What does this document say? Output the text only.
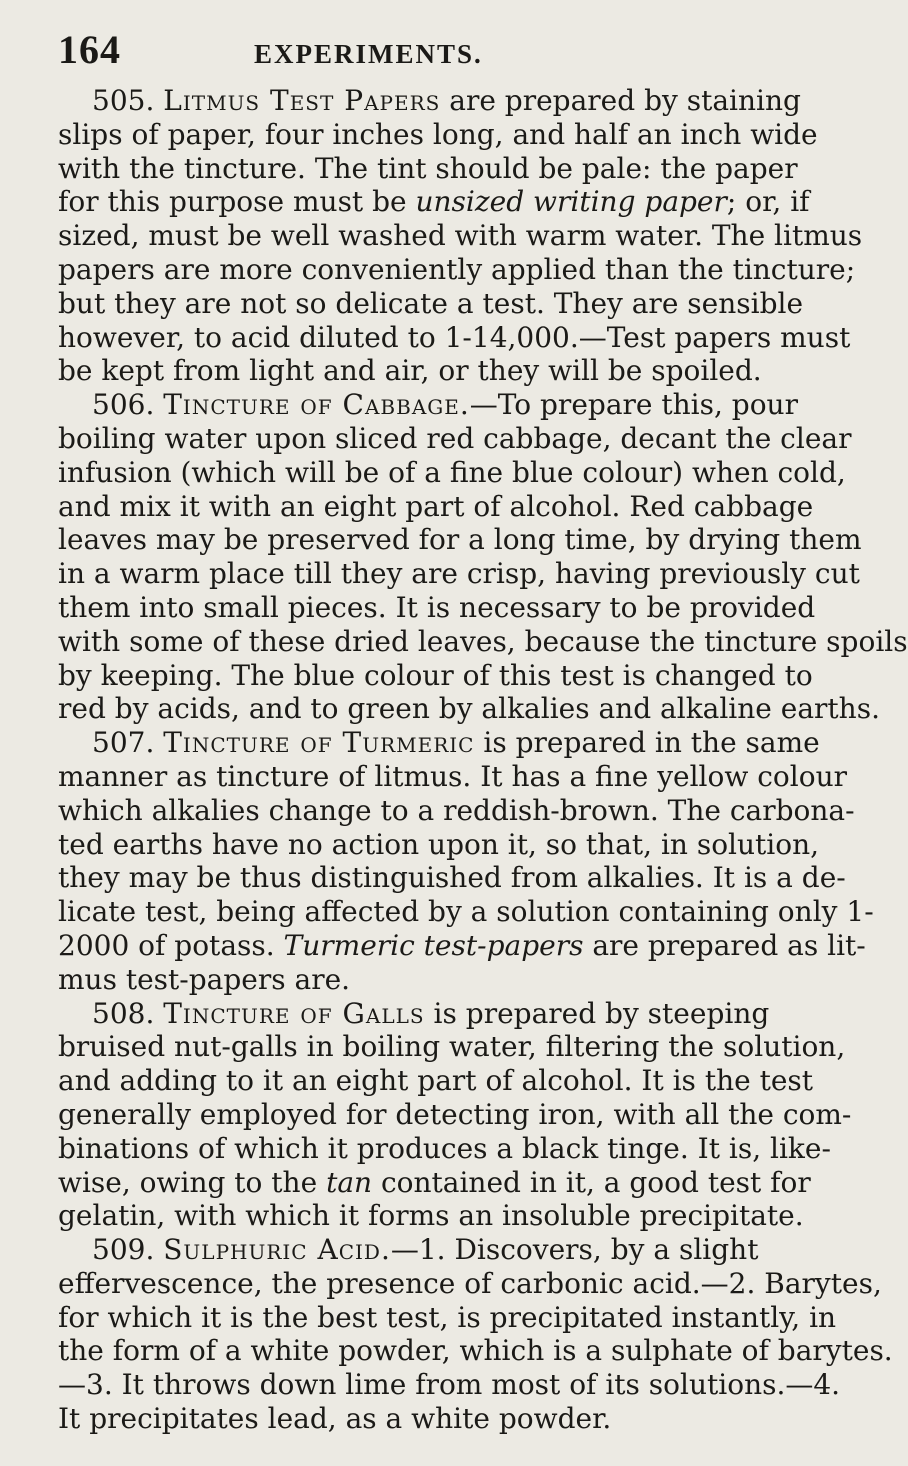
164	EXPERIMENTS.
505. Litmus Test Papers are prepared by staining
slips of paper, four inches long, and half an inch wide
with the tincture. The tint should be pale: the paper
for this purpose must be unsized writing paper; or, if
sized, must be well washed with warm water. The litmus
papers are more conveniently applied than the tincture;
but they are not so delicate a test. They are sensible
however, to acid diluted to 1-14,000.—Test papers must
be kept from light and air, or they will be spoiled.
506. Tincture of Cabbage.—To prepare this, pour
boiling water upon sliced red cabbage, decant the clear
infusion (which will be of a fine blue colour) when cold,
and mix it with an eight part of alcohol. Red cabbage
leaves may be preserved for a long time, by drying them
in a warm place till they are crisp, having previously cut
them into small pieces. It is necessary to be provided
with some of these dried leaves, because the tincture spoils
by keeping. The blue colour of this test is changed to
red by acids, and to green by alkalies and alkaline earths.
507. Tincture of Turmeric is prepared in the same
manner as tincture of litmus. It has a fine yellow colour
which alkalies change to a reddish-brown. The carbona-
ted earths have no action upon it, so that, in solution,
they may be thus distinguished from alkalies. It is a de-
licate test, being affected by a solution containing only 1-
2000 of potass. Turmeric test-papers are prepared as lit-
mus test-papers are.
508. Tincture of Galls is prepared by steeping
bruised nut-galls in boiling water, filtering the solution,
and adding to it an eight part of alcohol. It is the test
generally employed for detecting iron, with all the com-
binations of which it produces a black tinge. It is, like-
wise, owing to the tan contained in it, a good test for
gelatin, with which it forms an insoluble precipitate.
509. Sulphuric Acid.—1. Discovers, by a slight
effervescence, the presence of carbonic acid.—2. Barytes,
for which it is the best test, is precipitated instantly, in
the form of a white powder, which is a sulphate of barytes.
—3. It throws down lime from most of its solutions.—4.
It precipitates lead, as a white powder.
